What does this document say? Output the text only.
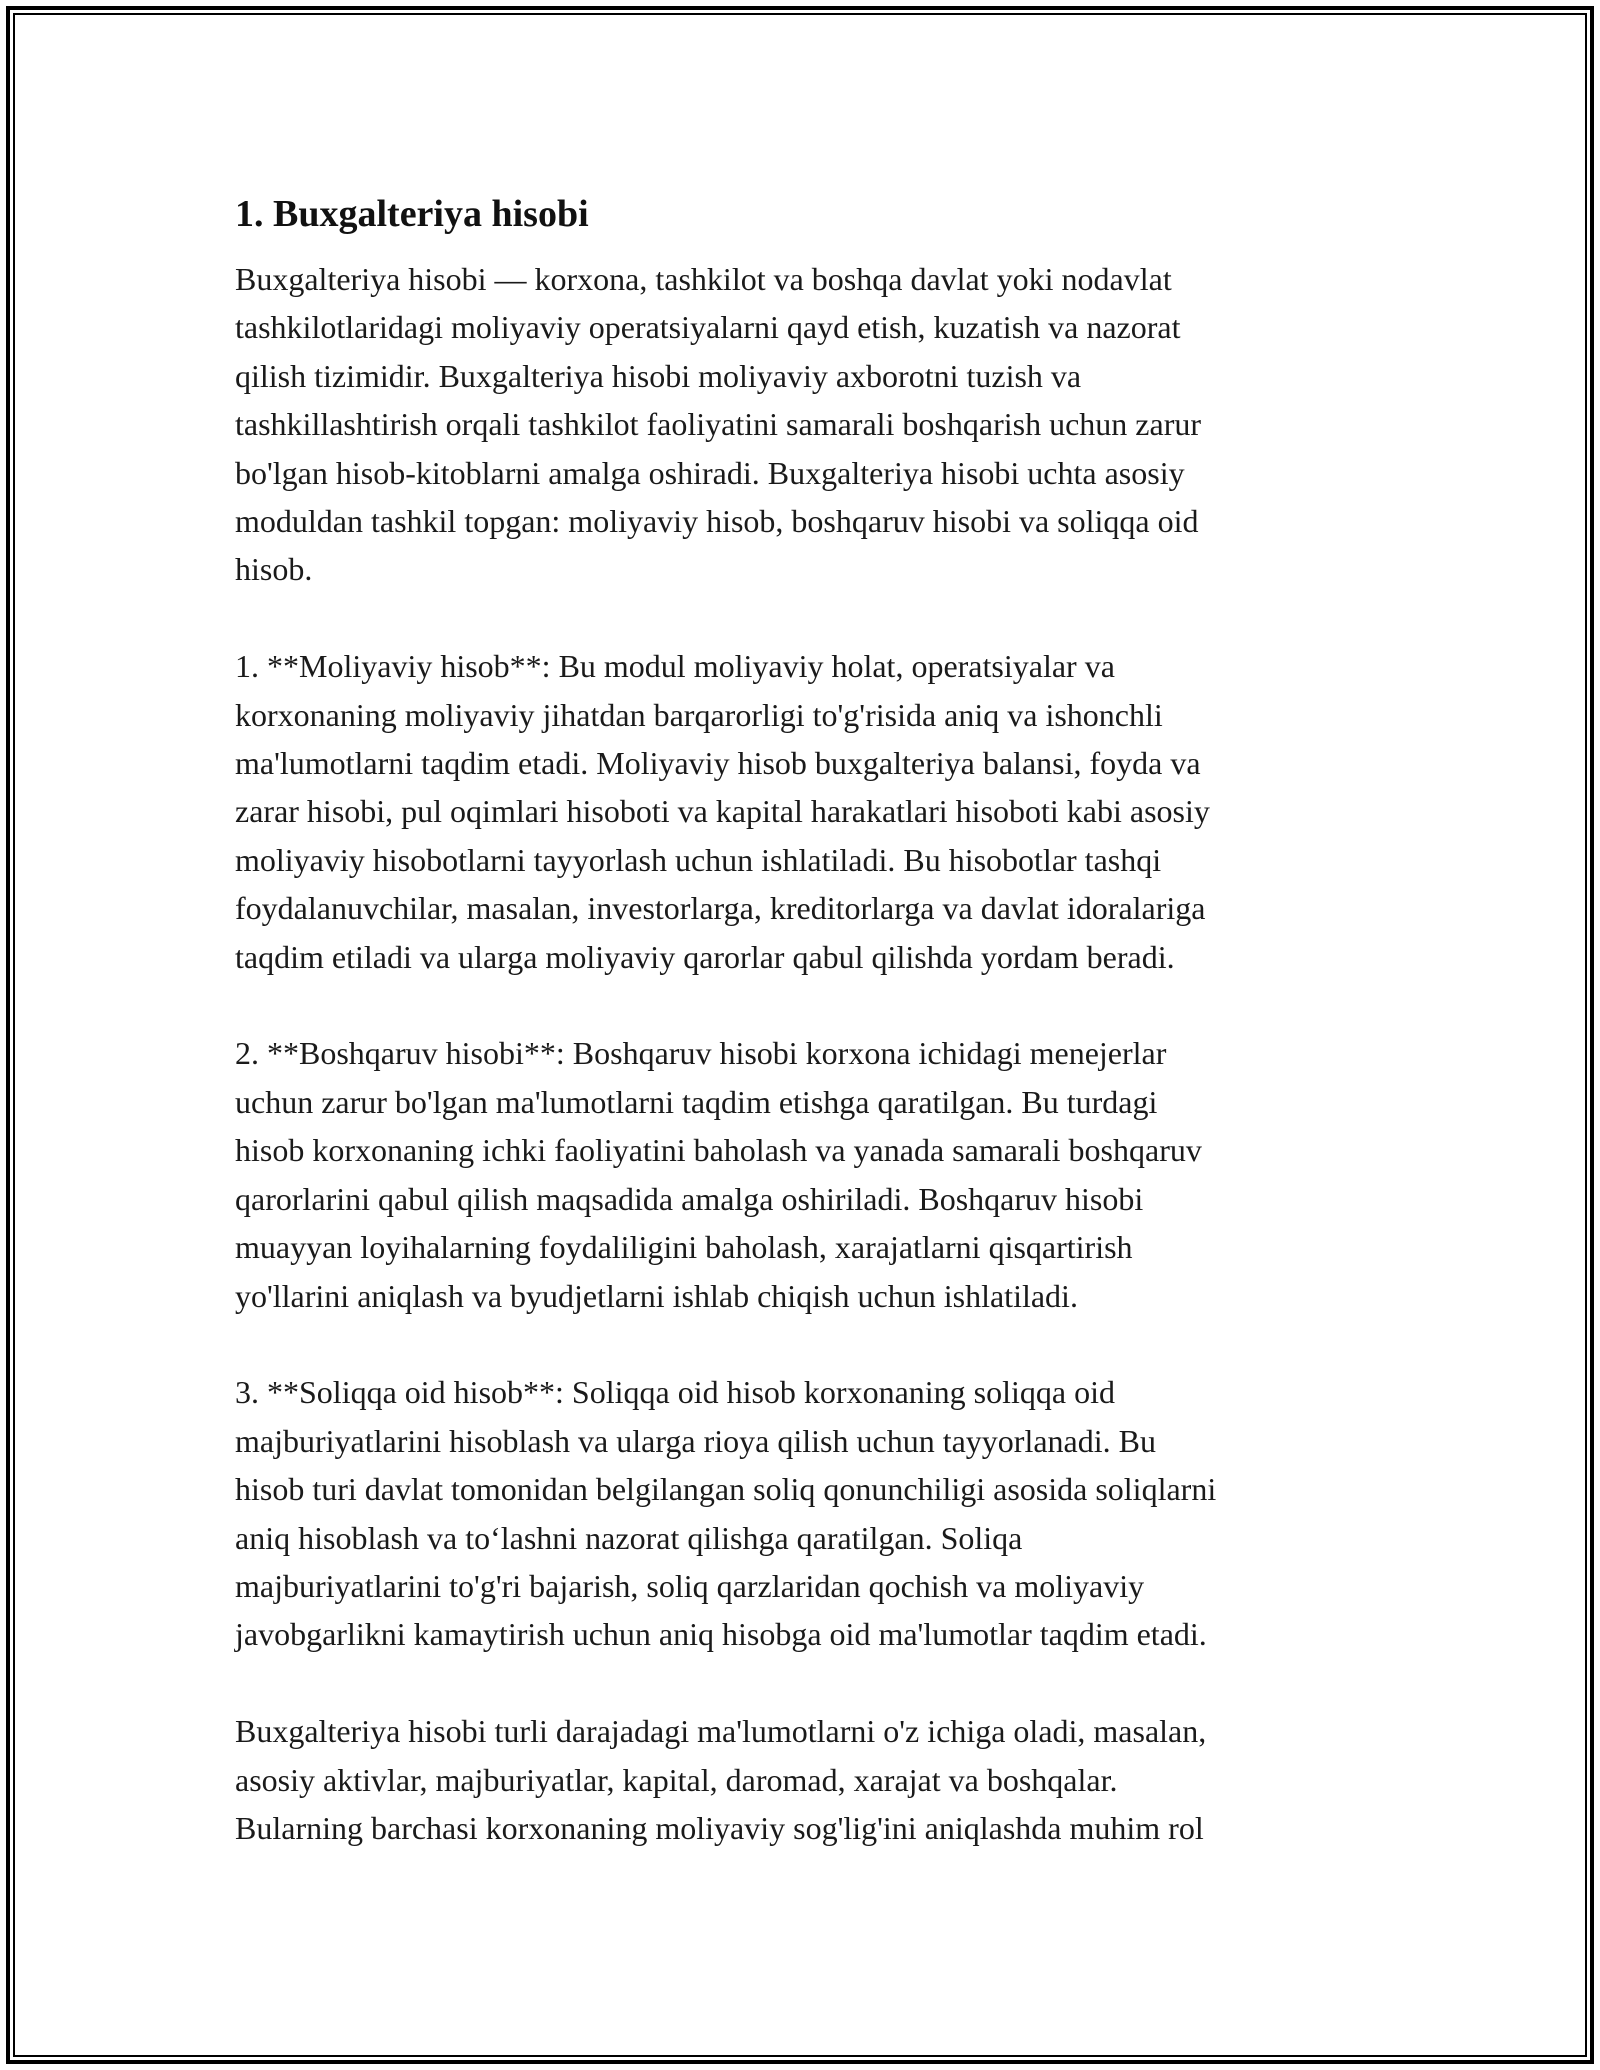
1. Buxgalteriya hisobi

Buxgalteriya hisobi — korxona, tashkilot va boshqa davlat yoki nodavlat
tashkilotlaridagi moliyaviy operatsiyalarni qayd etish, kuzatish va nazorat
qilish tizimidir. Buxgalteriya hisobi moliyaviy axborotni tuzish va
tashkillashtirish orqali tashkilot faoliyatini samarali boshqarish uchun zarur
bo'lgan hisob-kitoblarni amalga oshiradi. Buxgalteriya hisobi uchta asosiy
moduldan tashkil topgan: moliyaviy hisob, boshqaruv hisobi va soliqqa oid
hisob.

1. **Moliyaviy hisob**: Bu modul moliyaviy holat, operatsiyalar va
korxonaning moliyaviy jihatdan barqarorligi to'g'risida aniq va ishonchli
ma'lumotlarni taqdim etadi. Moliyaviy hisob buxgalteriya balansi, foyda va
zarar hisobi, pul oqimlari hisoboti va kapital harakatlari hisoboti kabi asosiy
moliyaviy hisobotlarni tayyorlash uchun ishlatiladi. Bu hisobotlar tashqi
foydalanuvchilar, masalan, investorlarga, kreditorlarga va davlat idoralariga
taqdim etiladi va ularga moliyaviy qarorlar qabul qilishda yordam beradi.

2. **Boshqaruv hisobi**: Boshqaruv hisobi korxona ichidagi menejerlar
uchun zarur bo'lgan ma'lumotlarni taqdim etishga qaratilgan. Bu turdagi
hisob korxonaning ichki faoliyatini baholash va yanada samarali boshqaruv
qarorlarini qabul qilish maqsadida amalga oshiriladi. Boshqaruv hisobi
muayyan loyihalarning foydaliligini baholash, xarajatlarni qisqartirish
yo'llarini aniqlash va byudjetlarni ishlab chiqish uchun ishlatiladi.

3. **Soliqqa oid hisob**: Soliqqa oid hisob korxonaning soliqqa oid
majburiyatlarini hisoblash va ularga rioya qilish uchun tayyorlanadi. Bu
hisob turi davlat tomonidan belgilangan soliq qonunchiligi asosida soliqlarni
aniq hisoblash va to‘lashni nazorat qilishga qaratilgan. Soliqa
majburiyatlarini to'g'ri bajarish, soliq qarzlaridan qochish va moliyaviy
javobgarlikni kamaytirish uchun aniq hisobga oid ma'lumotlar taqdim etadi.

Buxgalteriya hisobi turli darajadagi ma'lumotlarni o'z ichiga oladi, masalan,
asosiy aktivlar, majburiyatlar, kapital, daromad, xarajat va boshqalar.
Bularning barchasi korxonaning moliyaviy sog'lig'ini aniqlashda muhim rol
